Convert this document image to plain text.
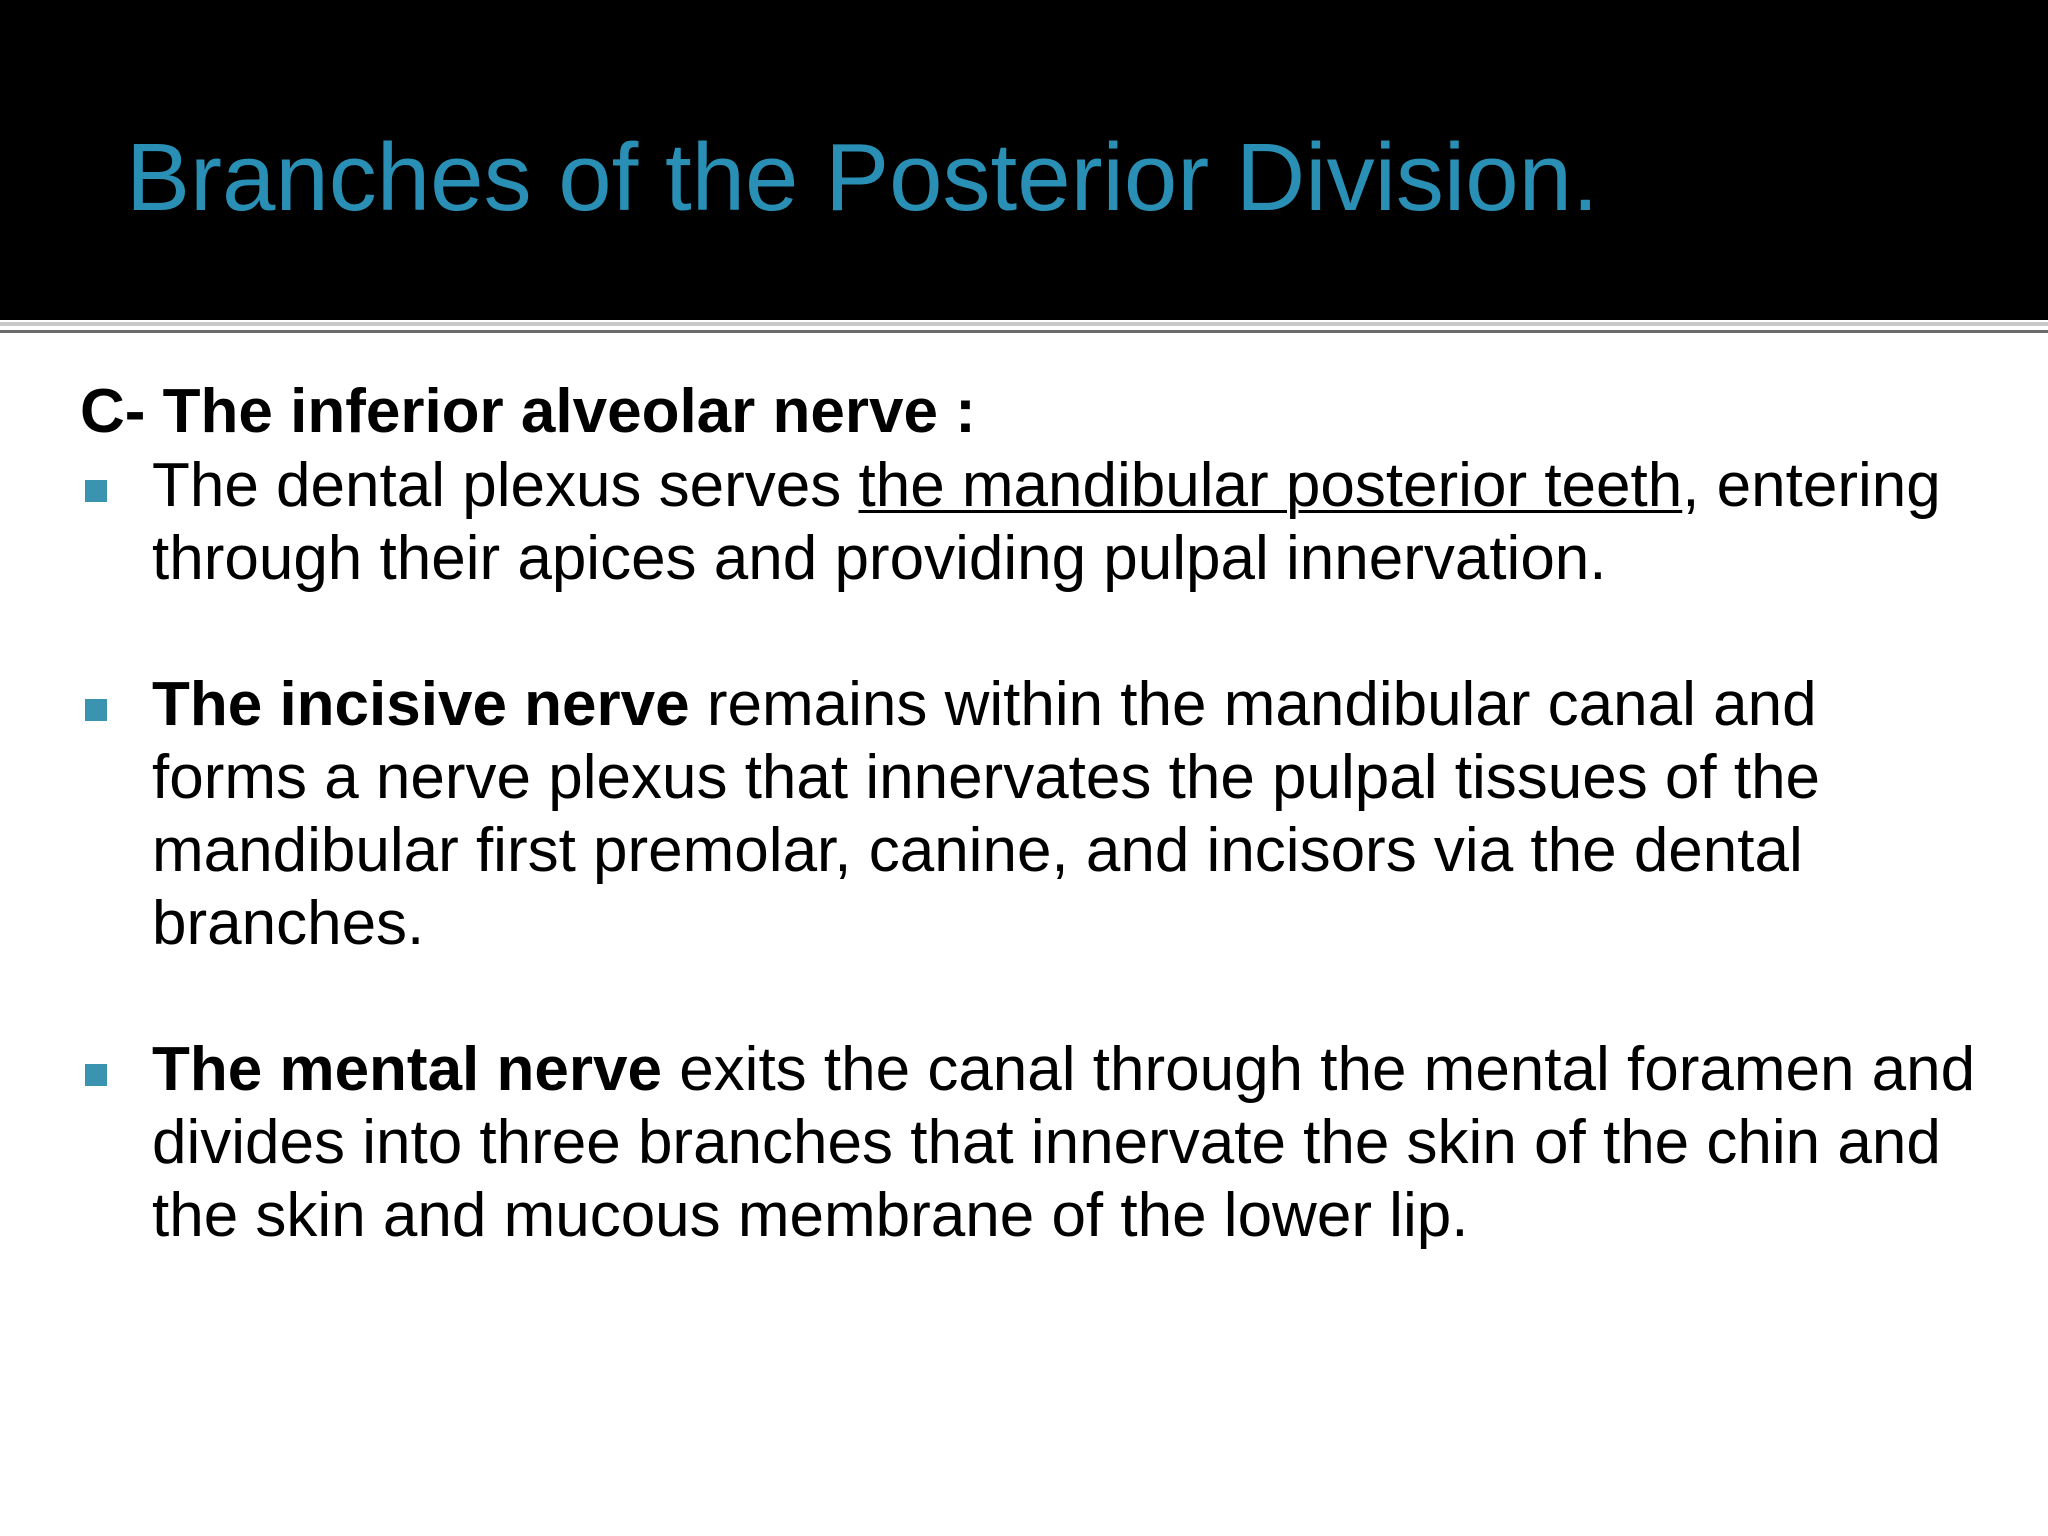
Branches of the Posterior Division.

C- The inferior alveolar nerve :

The dental plexus serves the mandibular posterior teeth, entering through their apices and providing pulpal innervation.
The incisive nerve remains within the mandibular canal and forms a nerve plexus that innervates the pulpal tissues of the mandibular first premolar, canine, and incisors via the dental branches.
The mental nerve exits the canal through the mental foramen and divides into three branches that innervate the skin of the chin and the skin and mucous membrane of the lower lip.
